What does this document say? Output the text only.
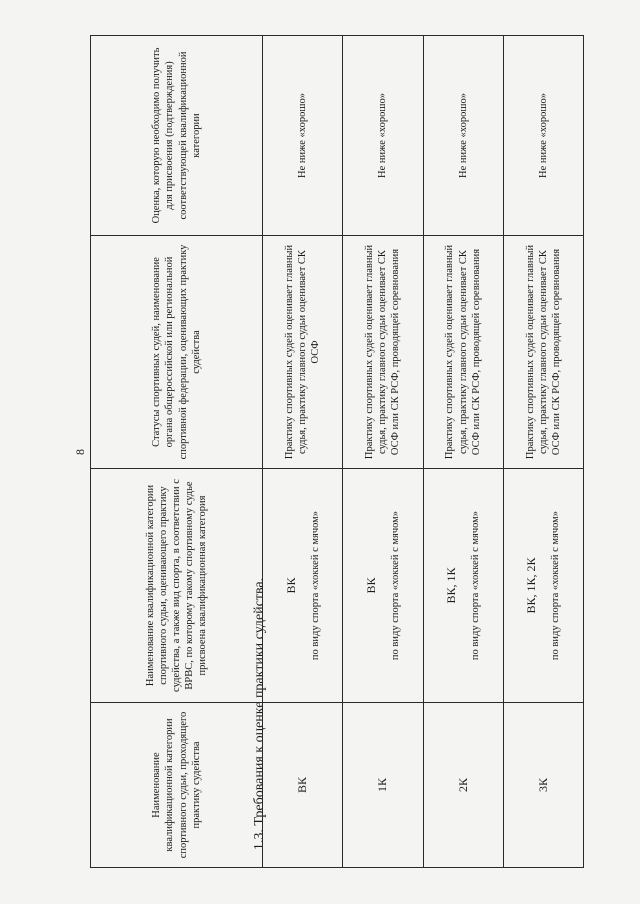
8
1.3. Требования к оценке практики судейства.
Наименование квалификационной категории спортивного судьи, проходящего практику судейства	Наименование квалификационной категории спортивного судьи, оценивающего практику судейства, а также вид спорта, в соответствии с ВРВС, по которому такому спортивному судье присвоена квалификационная категория	Статусы спортивных судей, наименование органа общероссийской или региональной спортивной федерации, оценивающих практику судейства	Оценка, которую необходимо получить для присвоения (подтверждения) соответствующей квалификационной категории
ВК	ВК по виду спорта «хоккей с мячом»	Практику спортивных судей оценивает главный судья, практику главного судьи оценивает СК ОСФ	Не ниже «хорошо»
1К	ВК по виду спорта «хоккей с мячом»	Практику спортивных судей оценивает главный судья, практику главного судьи оценивает СК ОСФ или СК РСФ, проводящей соревнования	Не ниже «хорошо»
2К	ВК, 1К по виду спорта «хоккей с мячом»	Практику спортивных судей оценивает главный судья, практику главного судьи оценивает СК ОСФ или СК РСФ, проводящей соревнования	Не ниже «хорошо»
3К	ВК, 1К, 2К по виду спорта «хоккей с мячом»	Практику спортивных судей оценивает главный судья, практику главного судьи оценивает СК ОСФ или СК РСФ, проводящей соревнования	Не ниже «хорошо»
